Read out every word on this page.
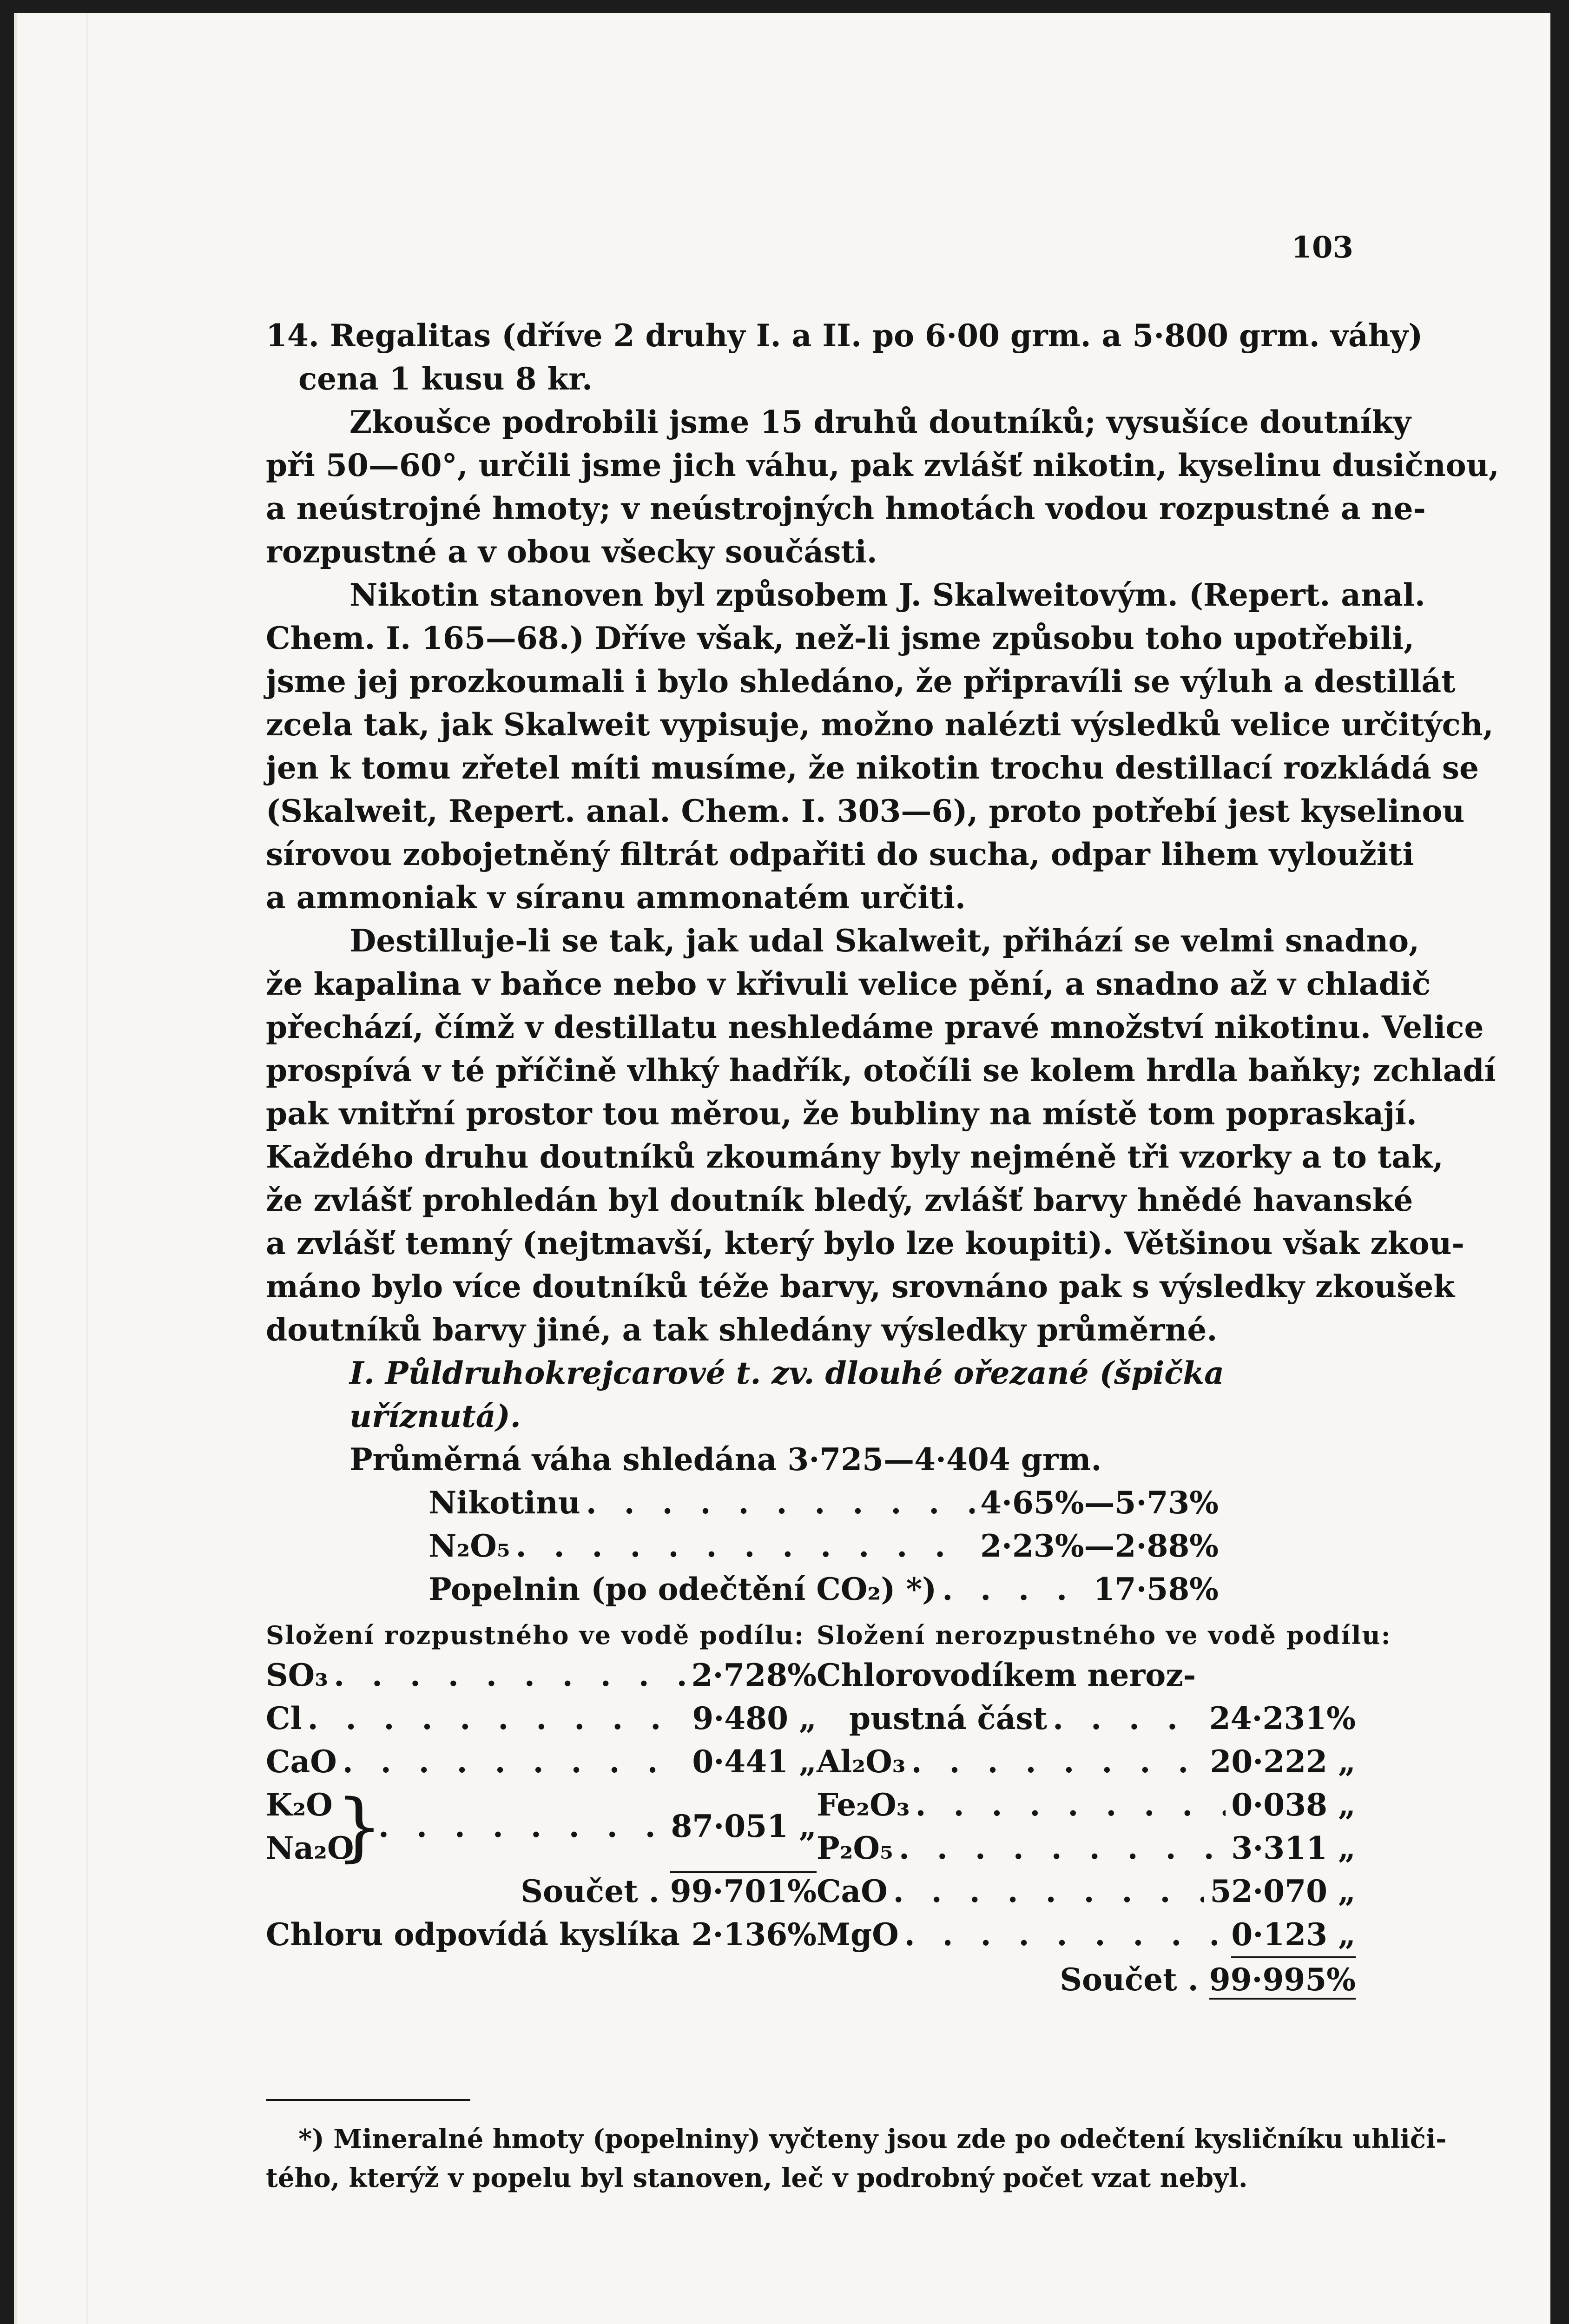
103
14. Regalitas (dříve 2 druhy I. a II. po 6·00 grm. a 5·800 grm. váhy)
cena 1 kusu 8 kr.
Zkoušce podrobili jsme 15 druhů doutníků; vysušíce doutníky
při 50—60°, určili jsme jich váhu, pak zvlášť nikotin, kyselinu dusičnou,
a neústrojné hmoty; v neústrojných hmotách vodou rozpustné a ne-
rozpustné a v obou všecky součásti.
Nikotin stanoven byl způsobem J. Skalweitovým. (Repert. anal.
Chem. I. 165—68.) Dříve však, než-li jsme způsobu toho upotřebili,
jsme jej prozkoumali i bylo shledáno, že připravíli se výluh a destillát
zcela tak, jak Skalweit vypisuje, možno nalézti výsledků velice určitých,
jen k tomu zřetel míti musíme, že nikotin trochu destillací rozkládá se
(Skalweit, Repert. anal. Chem. I. 303—6), proto potřebí jest kyselinou
sírovou zobojetněný filtrát odpařiti do sucha, odpar lihem vyloužiti
a ammoniak v síranu ammonatém určiti.
Destilluje-li se tak, jak udal Skalweit, přihází se velmi snadno,
že kapalina v baňce nebo v křivuli velice pění, a snadno až v chladič
přechází, čímž v destillatu neshledáme pravé množství nikotinu. Velice
prospívá v té příčině vlhký hadřík, otočíli se kolem hrdla baňky; zchladí
pak vnitřní prostor tou měrou, že bubliny na místě tom popraskají.
Každého druhu doutníků zkoumány byly nejméně tři vzorky a to tak,
že zvlášť prohledán byl doutník bledý, zvlášť barvy hnědé havanské
a zvlášť temný (nejtmavší, který bylo lze koupiti). Většinou však zkou-
máno bylo více doutníků téže barvy, srovnáno pak s výsledky zkoušek
doutníků barvy jiné, a tak shledány výsledky průměrné.

I. Půldruhokrejcarové t. zv. dlouhé ořezané (špička uříznutá).

Průměrná váha shledána 3·725—4·404 grm.
Nikotinu . . .	4·65%—5·73%
N₂O₅ . . .	2·23%—2·88%
Popelnin (po odečtění CO₂) *) . . .	17·58%
Složení rozpustného ve vodě podílu:
SO₃ . . .	2·728%
Cl . . .	9·480 „
CaO . . .	0·441 „
K₂O
Na₂O
} . . .	87·051 „
Součet . 99·701%
Chloru odpovídá kyslíka . . . 2·136%
Složení nerozpustného ve vodě podílu:
Chlorovodíkem neroz-
pustná část . . .	24·231%
Al₂O₃ . . .	20·222 „
Fe₂O₃ . . .	0·038 „
P₂O₅ . . .	3·311 „
CaO . . .	52·070 „
MgO . . .	0·123 „
Součet . 99·995%
*) Mineralné hmoty (popelniny) vyčteny jsou zde po odečtení kysličníku uhliči-
tého, kterýž v popelu byl stanoven, leč v podrobný počet vzat nebyl.
